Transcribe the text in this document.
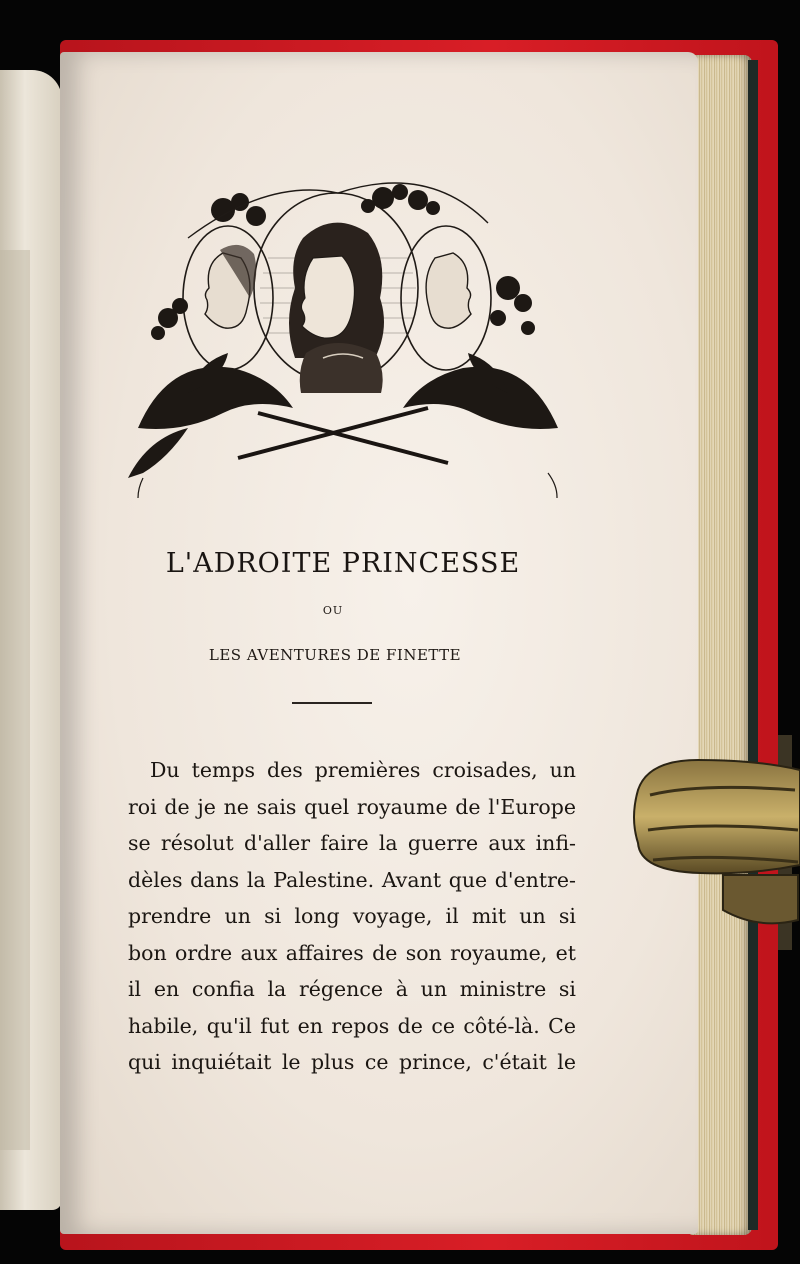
L'ADROITE PRINCESSE
OU
LES AVENTURES DE FINETTE
Du temps des premières croisades, un
roi de je ne sais quel royaume de l'Europe
se résolut d'aller faire la guerre aux infi-
dèles dans la Palestine. Avant que d'entre-
prendre un si long voyage, il mit un si
bon ordre aux affaires de son royaume, et
il en confia la régence à un ministre si
habile, qu'il fut en repos de ce côté-là. Ce
qui inquiétait le plus ce prince, c'était le
